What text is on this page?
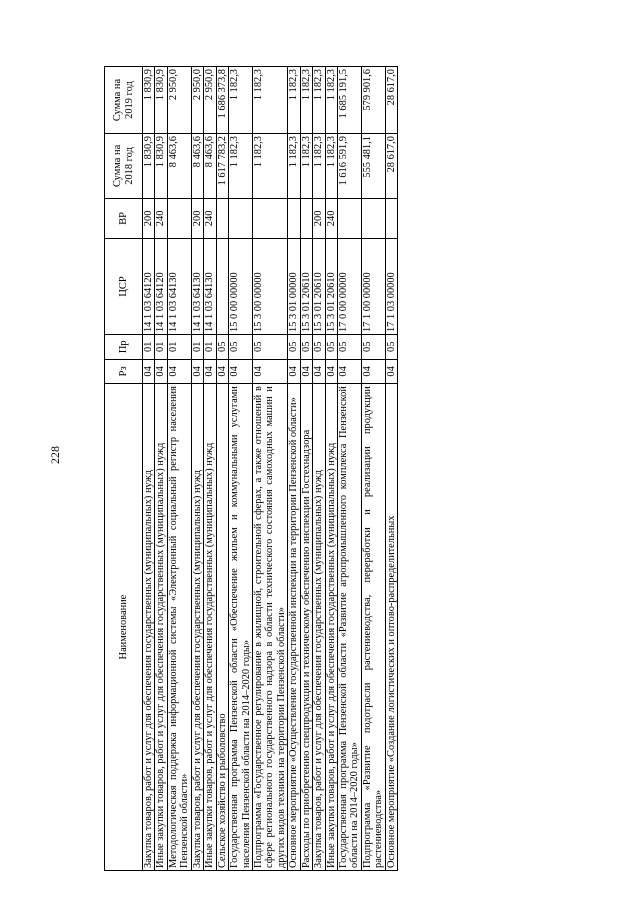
228
Наименование	Рз	Пр	ЦСР	ВР	Сумма на 2018 год	Сумма на 2019 год
Закупка товаров, работ и услуг для обеспечения государственных (муниципальных) нужд	04	01	14 1 03 64120	200	1 830,9	1 830,9
Иные закупки товаров, работ и услуг для обеспечения государственных (муниципальных) нужд	04	01	14 1 03 64120	240	1 830,9	1 830,9
Методологическая поддержка информационной системы «Электронный социальный регистр населения Пензенской области»	04	01	14 1 03 64130		8 463,6	2 950,0
Закупка товаров, работ и услуг для обеспечения государственных (муниципальных) нужд	04	01	14 1 03 64130	200	8 463,6	2 950,0
Иные закупки товаров, работ и услуг для обеспечения государственных (муниципальных) нужд	04	01	14 1 03 64130	240	8 463,6	2 950,0
Сельское хозяйство и рыболовство	04	05			1 617 783,2	1 686 373,8
Государственная программа Пензенской области «Обеспечение жильем и коммунальными услугами населения Пензенской области на 2014–2020 годы»	04	05	15 0 00 00000		1 182,3	1 182,3
Подпрограмма «Государственное регулирование в жилищной, строительной сферах, а также отношений в сфере регионального государственного надзора в области технического состояния самоходных машин и других видов техники на территории Пензенской области»	04	05	15 3 00 00000		1 182,3	1 182,3
Основное мероприятие «Осуществление государственной инспекции на территории Пензенской области»	04	05	15 3 01 00000		1 182,3	1 182,3
Расходы по приобретению спецпродукции и техническому обеспечению инспекции Гостехнадзора	04	05	15 3 01 20610		1 182,3	1 182,3
Закупка товаров, работ и услуг для обеспечения государственных (муниципальных) нужд	04	05	15 3 01 20610	200	1 182,3	1 182,3
Иные закупки товаров, работ и услуг для обеспечения государственных (муниципальных) нужд	04	05	15 3 01 20610	240	1 182,3	1 182,3
Государственная программа Пензенской области «Развитие агропромышленного комплекса Пензенской области на 2014–2020 годы»	04	05	17 0 00 00000		1 616 591,9	1 685 191,5
Подпрограмма «Развитие подотрасли растениеводства, переработки и реализации продукции растениеводства»	04	05	17 1 00 00000		555 481,1	579 901,6
Основное мероприятие «Создание логистических и оптово-распределительных	04	05	17 1 03 00000		28 617,0	28 617,0
